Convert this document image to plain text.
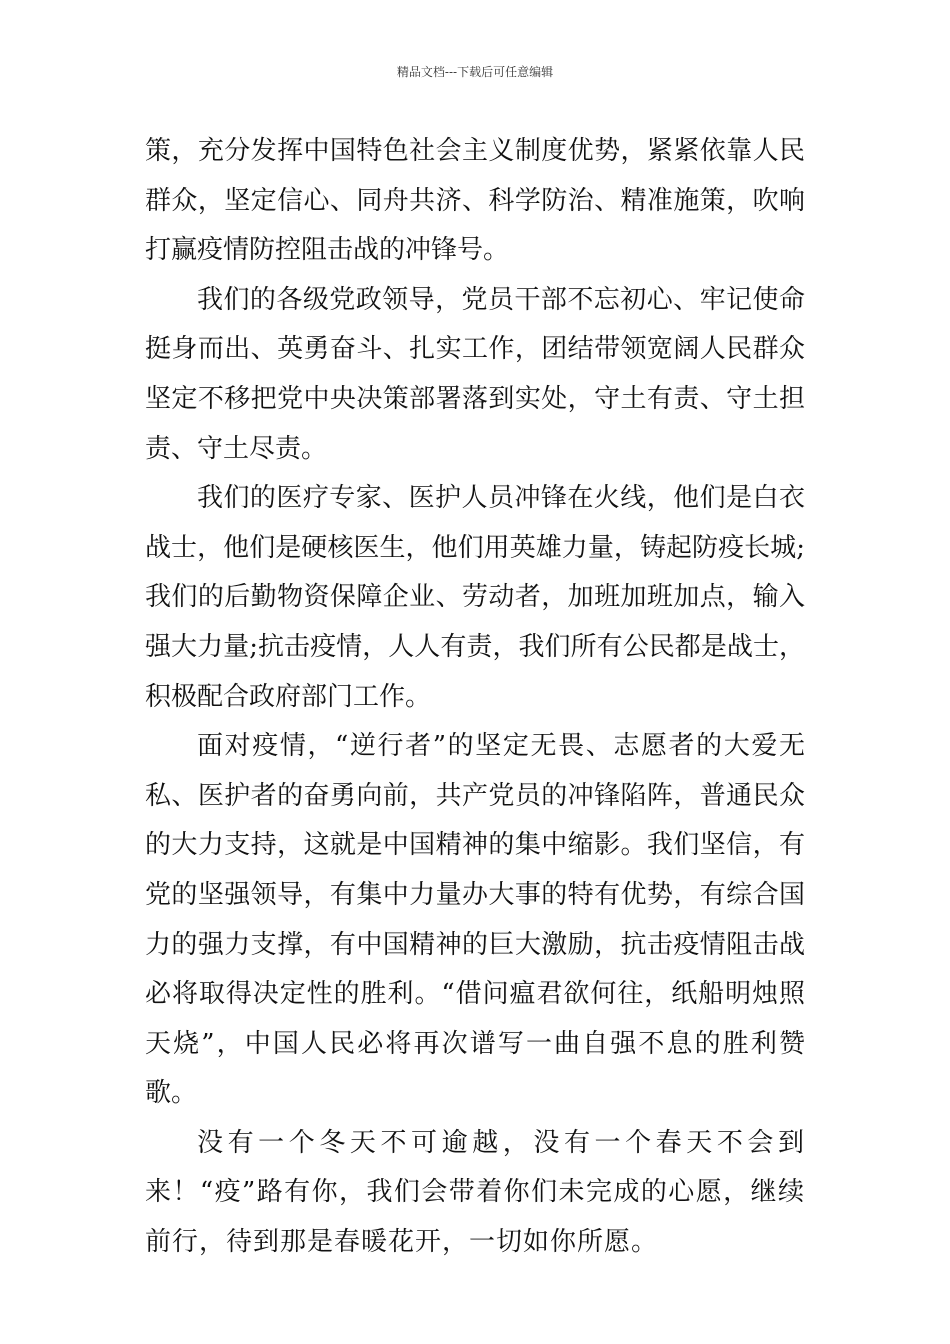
精品文档---下载后可任意编辑

策，充分发挥中国特色社会主义制度优势，紧紧依靠人民群众，坚定信心、同舟共济、科学防治、精准施策，吹响打赢疫情防控阻击战的冲锋号。

我们的各级党政领导，党员干部不忘初心、牢记使命挺身而出、英勇奋斗、扎实工作，团结带领宽阔人民群众坚定不移把党中央决策部署落到实处，守土有责、守土担责、守土尽责。

我们的医疗专家、医护人员冲锋在火线，他们是白衣战士，他们是硬核医生，他们用英雄力量，铸起防疫长城;我们的后勤物资保障企业、劳动者，加班加班加点，输入强大力量;抗击疫情，人人有责，我们所有公民都是战士，积极配合政府部门工作。

面对疫情，“逆行者”的坚定无畏、志愿者的大爱无私、医护者的奋勇向前，共产党员的冲锋陷阵，普通民众的大力支持，这就是中国精神的集中缩影。我们坚信，有党的坚强领导，有集中力量办大事的特有优势，有综合国力的强力支撑，有中国精神的巨大激励，抗击疫情阻击战必将取得决定性的胜利。“借问瘟君欲何往，纸船明烛照天烧”，中国人民必将再次谱写一曲自强不息的胜利赞歌。

没有一个冬天不可逾越，没有一个春天不会到来！“疫”路有你，我们会带着你们未完成的心愿，继续前行，待到那是春暖花开，一切如你所愿。
